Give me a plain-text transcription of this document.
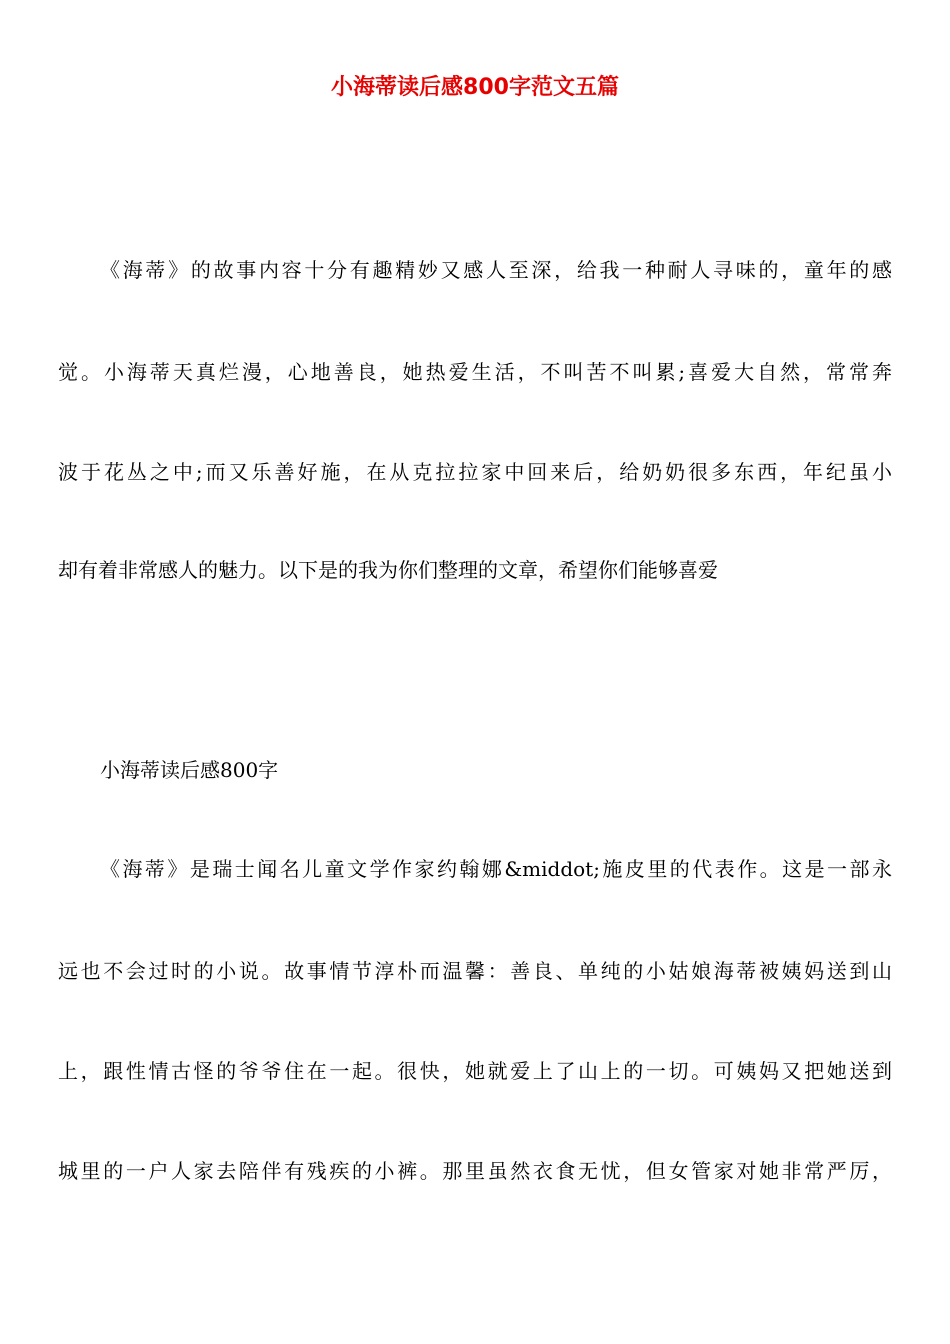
小海蒂读后感800字范文五篇
《海蒂》的故事内容十分有趣精妙又感人至深，给我一种耐人寻味的，童年的感
觉。小海蒂天真烂漫，心地善良，她热爱生活，不叫苦不叫累;喜爱大自然，常常奔
波于花丛之中;而又乐善好施，在从克拉拉家中回来后，给奶奶很多东西，年纪虽小
却有着非常感人的魅力。以下是的我为你们整理的文章，希望你们能够喜爱
小海蒂读后感800字
《海蒂》是瑞士闻名儿童文学作家约翰娜&middot;施皮里的代表作。这是一部永
远也不会过时的小说。故事情节淳朴而温馨：善良、单纯的小姑娘海蒂被姨妈送到山
上，跟性情古怪的爷爷住在一起。很快，她就爱上了山上的一切。可姨妈又把她送到
城里的一户人家去陪伴有残疾的小裤。那里虽然衣食无忧，但女管家对她非常严厉，
